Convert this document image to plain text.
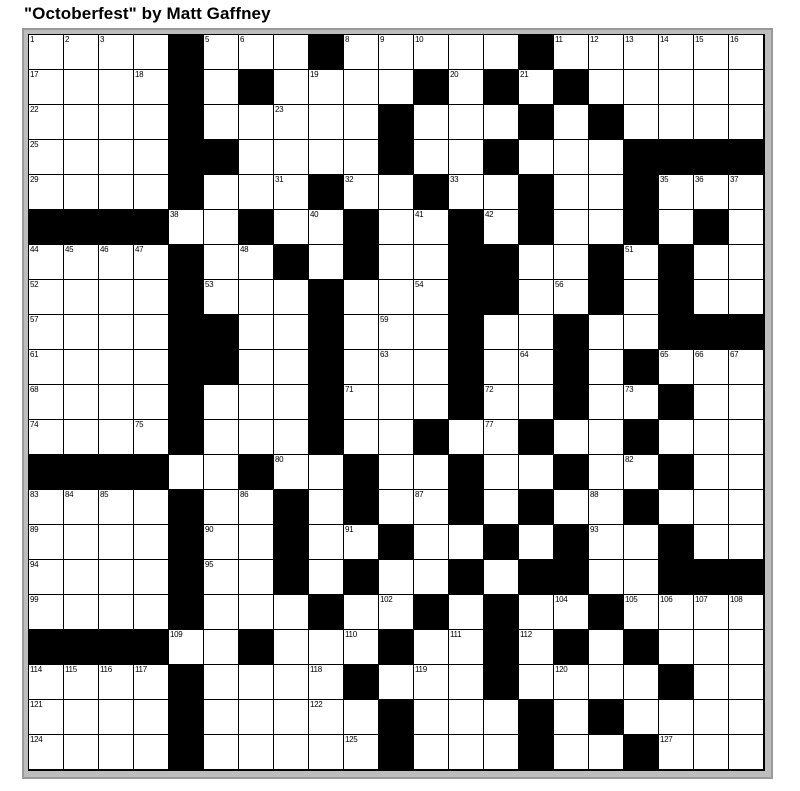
"Octoberfest" by Matt Gaffney
1	2	3	5	6	8	9	10	11	12	13	14	15	16
17	18	19	20	21
22	23
25
29	31	32	33	35	36	37
38	40	41	42
44	45	46	47	48	51
52	53	54	56
57	59
61	63	64	65	66	67
68	71	72	73
74	75	77
80	82
83	84	85	86	87	88
89	90	91	93
94	95
99	102	104	105	106	107	108
109	110	111	112
114	115	116	117	118	119	120
121	122
124	125	127
